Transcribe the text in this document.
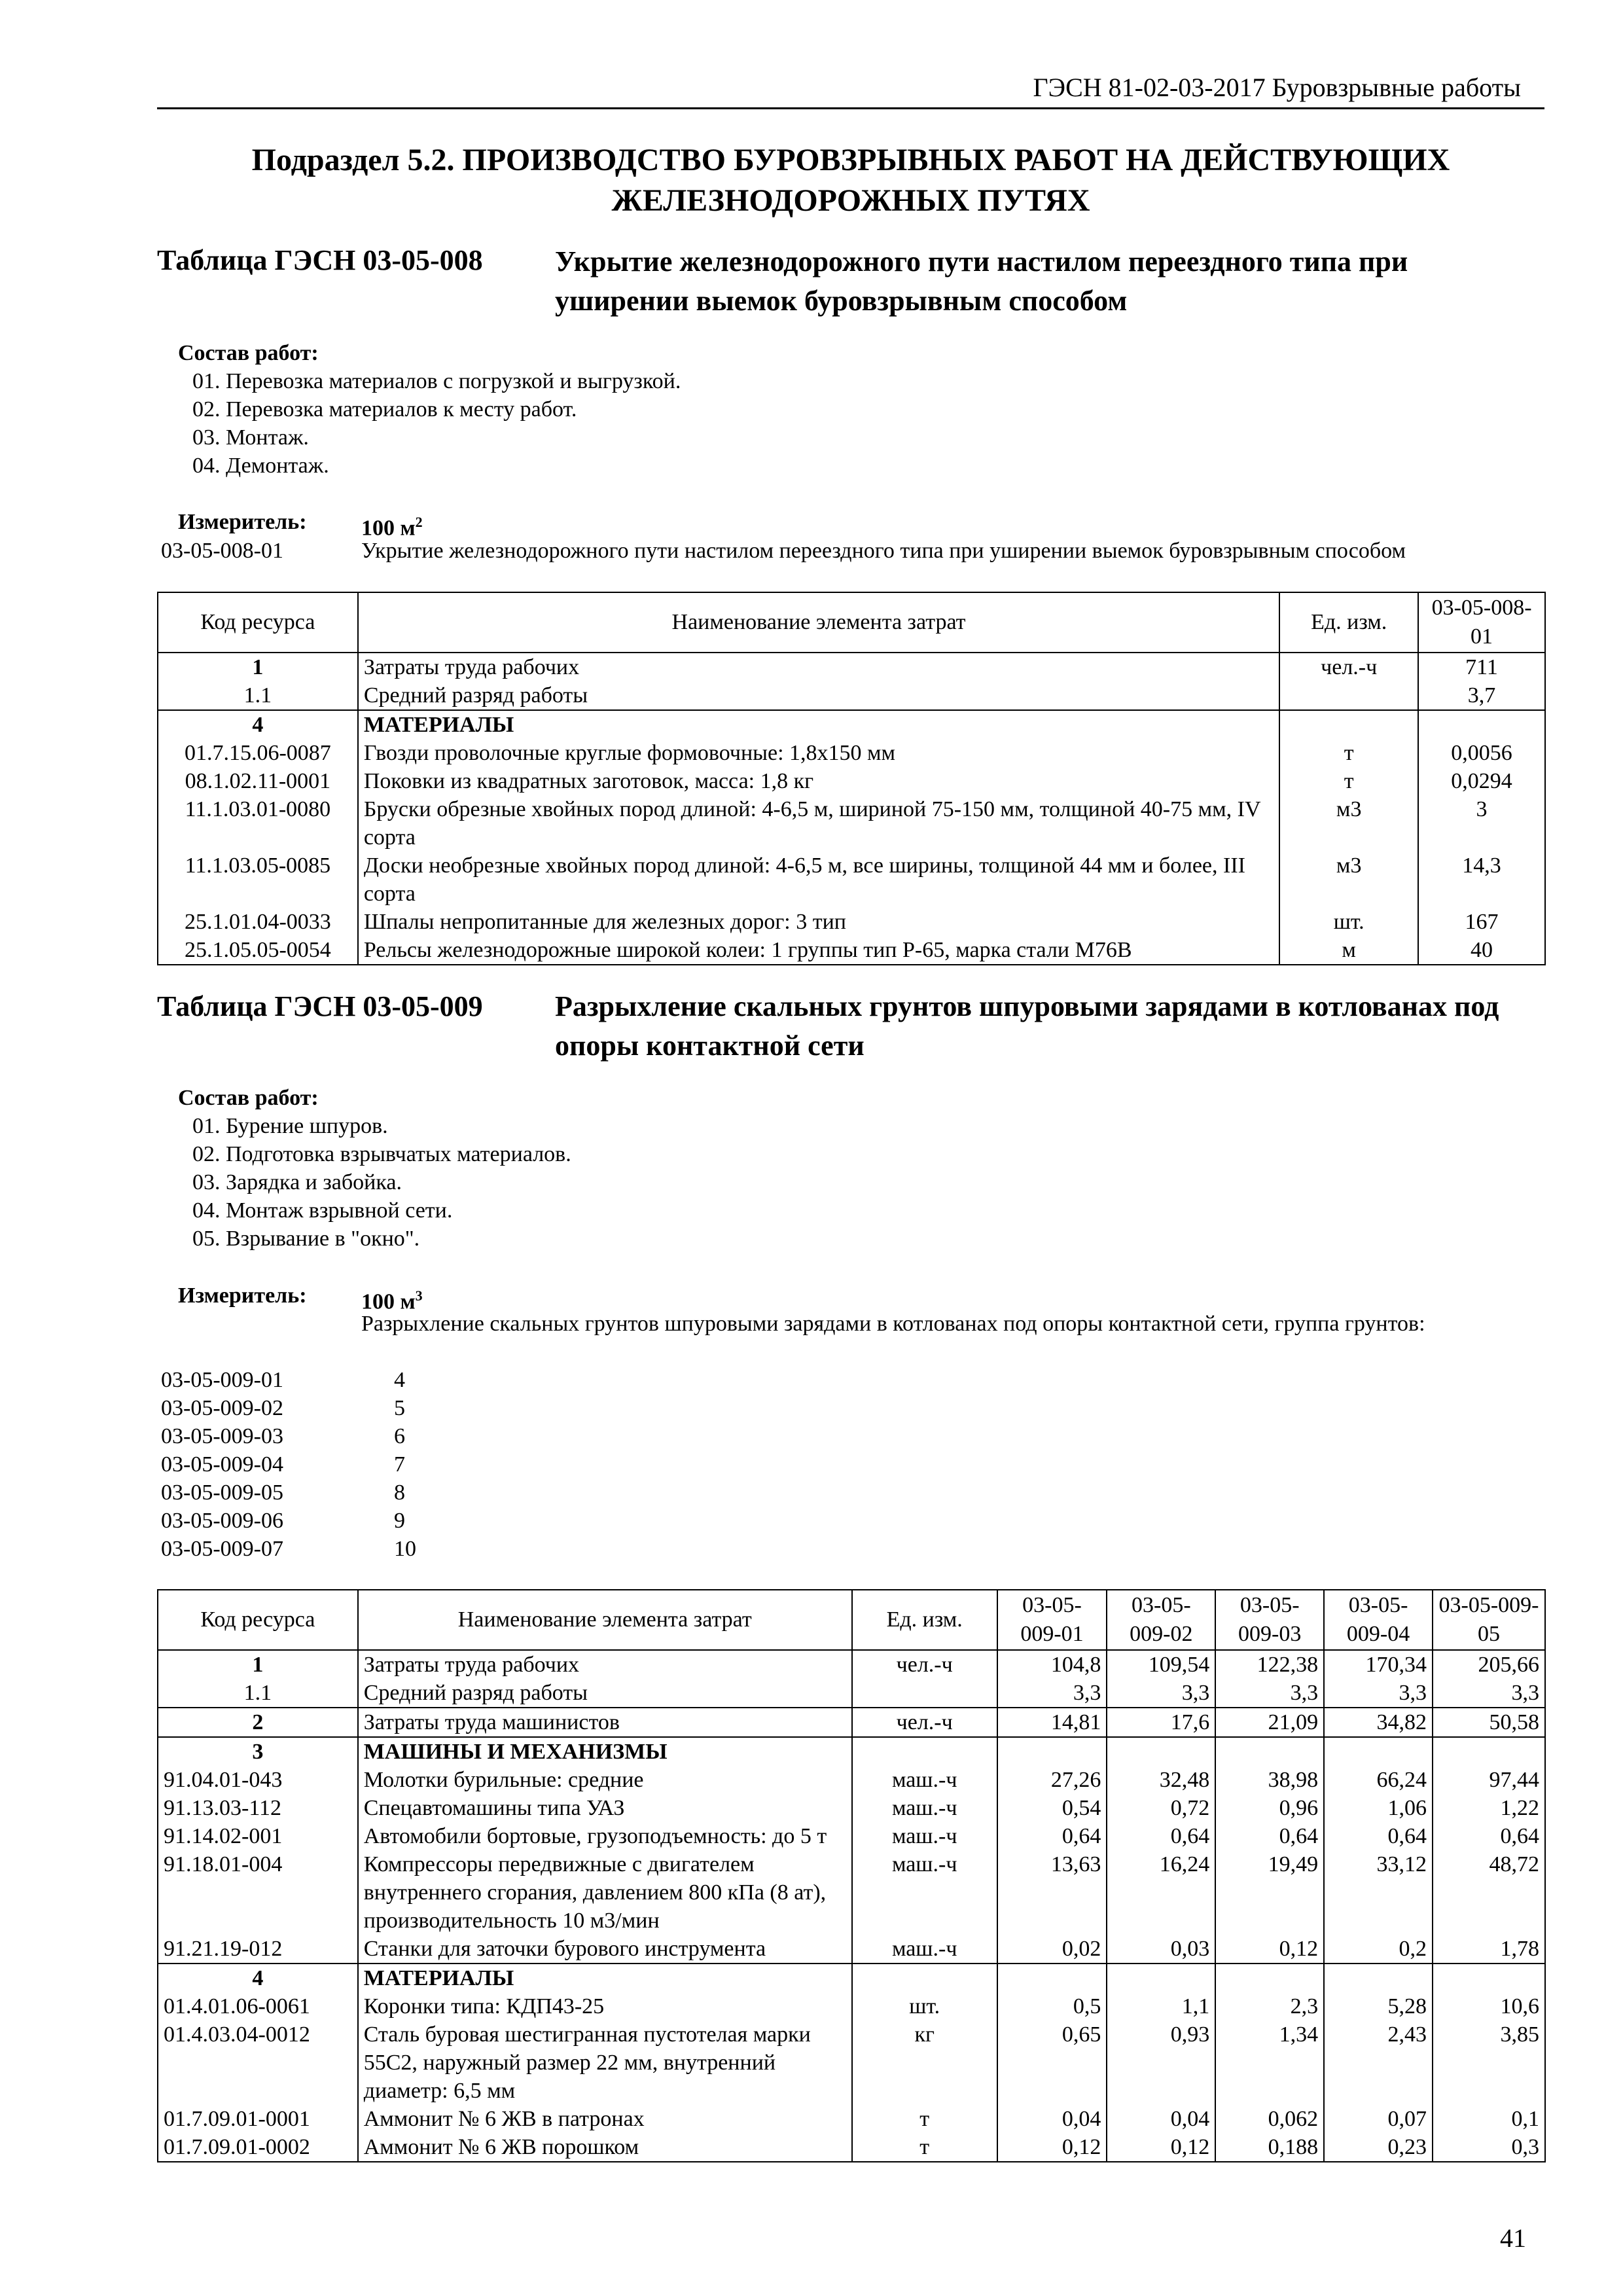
ГЭСН 81-02-03-2017 Буровзрывные работы
Подраздел 5.2. ПРОИЗВОДСТВО БУРОВЗРЫВНЫХ РАБОТ НА ДЕЙСТВУЮЩИХ
ЖЕЛЕЗНОДОРОЖНЫХ ПУТЯХ
Таблица ГЭСН 03-05-008	Укрытие железнодорожного пути настилом переездного типа при уширении выемок буровзрывным способом
Состав работ:
01. Перевозка материалов с погрузкой и выгрузкой.
02. Перевозка материалов к месту работ.
03. Монтаж.
04. Демонтаж.
Измеритель: 100 $м^2$
03-05-008-01	Укрытие железнодорожного пути настилом переездного типа при уширении выемок буровзрывным способом
Код ресурса	Наименование элемента затрат	Ед. изм.	03-05-008-01
1	Затраты труда рабочих	чел.-ч	711
1.1	Средний разряд работы		3,7
4	МАТЕРИАЛЫ		
01.7.15.06-0087	Гвозди проволочные круглые формовочные: 1,8x150 мм	т	0,0056
08.1.02.11-0001	Поковки из квадратных заготовок, масса: 1,8 кг	т	0,0294
11.1.03.01-0080	Бруски обрезные хвойных пород длиной: 4-6,5 м, шириной 75-150 мм, толщиной 40-75 мм, IV сорта	м3	3
11.1.03.05-0085	Доски необрезные хвойных пород длиной: 4-6,5 м, все ширины, толщиной 44 мм и более, III сорта	м3	14,3
25.1.01.04-0033	Шпалы непропитанные для железных дорог: 3 тип	шт.	167
25.1.05.05-0054	Рельсы железнодорожные широкой колеи: 1 группы тип Р-65, марка стали М76В	м	40
Таблица ГЭСН 03-05-009	Разрыхление скальных грунтов шпуровыми зарядами в котлованах под опоры контактной сети
Состав работ:
01. Бурение шпуров.
02. Подготовка взрывчатых материалов.
03. Зарядка и забойка.
04. Монтаж взрывной сети.
05. Взрывание в "окно".
Измеритель: 100 $м^3$
Разрыхление скальных грунтов шпуровыми зарядами в котлованах под опоры контактной сети, группа грунтов:
03-05-009-01	4
03-05-009-02	5
03-05-009-03	6
03-05-009-04	7
03-05-009-05	8
03-05-009-06	9
03-05-009-07	10
Код ресурса	Наименование элемента затрат	Ед. изм.	03-05-009-01	03-05-009-02	03-05-009-03	03-05-009-04	03-05-009-05
1	Затраты труда рабочих	чел.-ч	104,8	109,54	122,38	170,34	205,66
1.1	Средний разряд работы		3,3	3,3	3,3	3,3	3,3
2	Затраты труда машинистов	чел.-ч	14,81	17,6	21,09	34,82	50,58
3	МАШИНЫ И МЕХАНИЗМЫ						
91.04.01-043	Молотки бурильные: средние	маш.-ч	27,26	32,48	38,98	66,24	97,44
91.13.03-112	Спецавтомашины типа УАЗ	маш.-ч	0,54	0,72	0,96	1,06	1,22
91.14.02-001	Автомобили бортовые, грузоподъемность: до 5 т	маш.-ч	0,64	0,64	0,64	0,64	0,64
91.18.01-004	Компрессоры передвижные с двигателем внутреннего сгорания, давлением 800 кПа (8 ат), производительность 10 м3/мин	маш.-ч	13,63	16,24	19,49	33,12	48,72
91.21.19-012	Станки для заточки бурового инструмента	маш.-ч	0,02	0,03	0,12	0,2	1,78
4	МАТЕРИАЛЫ						
01.4.01.06-0061	Коронки типа: КДП43-25	шт.	0,5	1,1	2,3	5,28	10,6
01.4.03.04-0012	Сталь буровая шестигранная пустотелая марки 55С2, наружный размер 22 мм, внутренний диаметр: 6,5 мм	кг	0,65	0,93	1,34	2,43	3,85
01.7.09.01-0001	Аммонит № 6 ЖВ в патронах	т	0,04	0,04	0,062	0,07	0,1
01.7.09.01-0002	Аммонит № 6 ЖВ порошком	т	0,12	0,12	0,188	0,23	0,3
41
